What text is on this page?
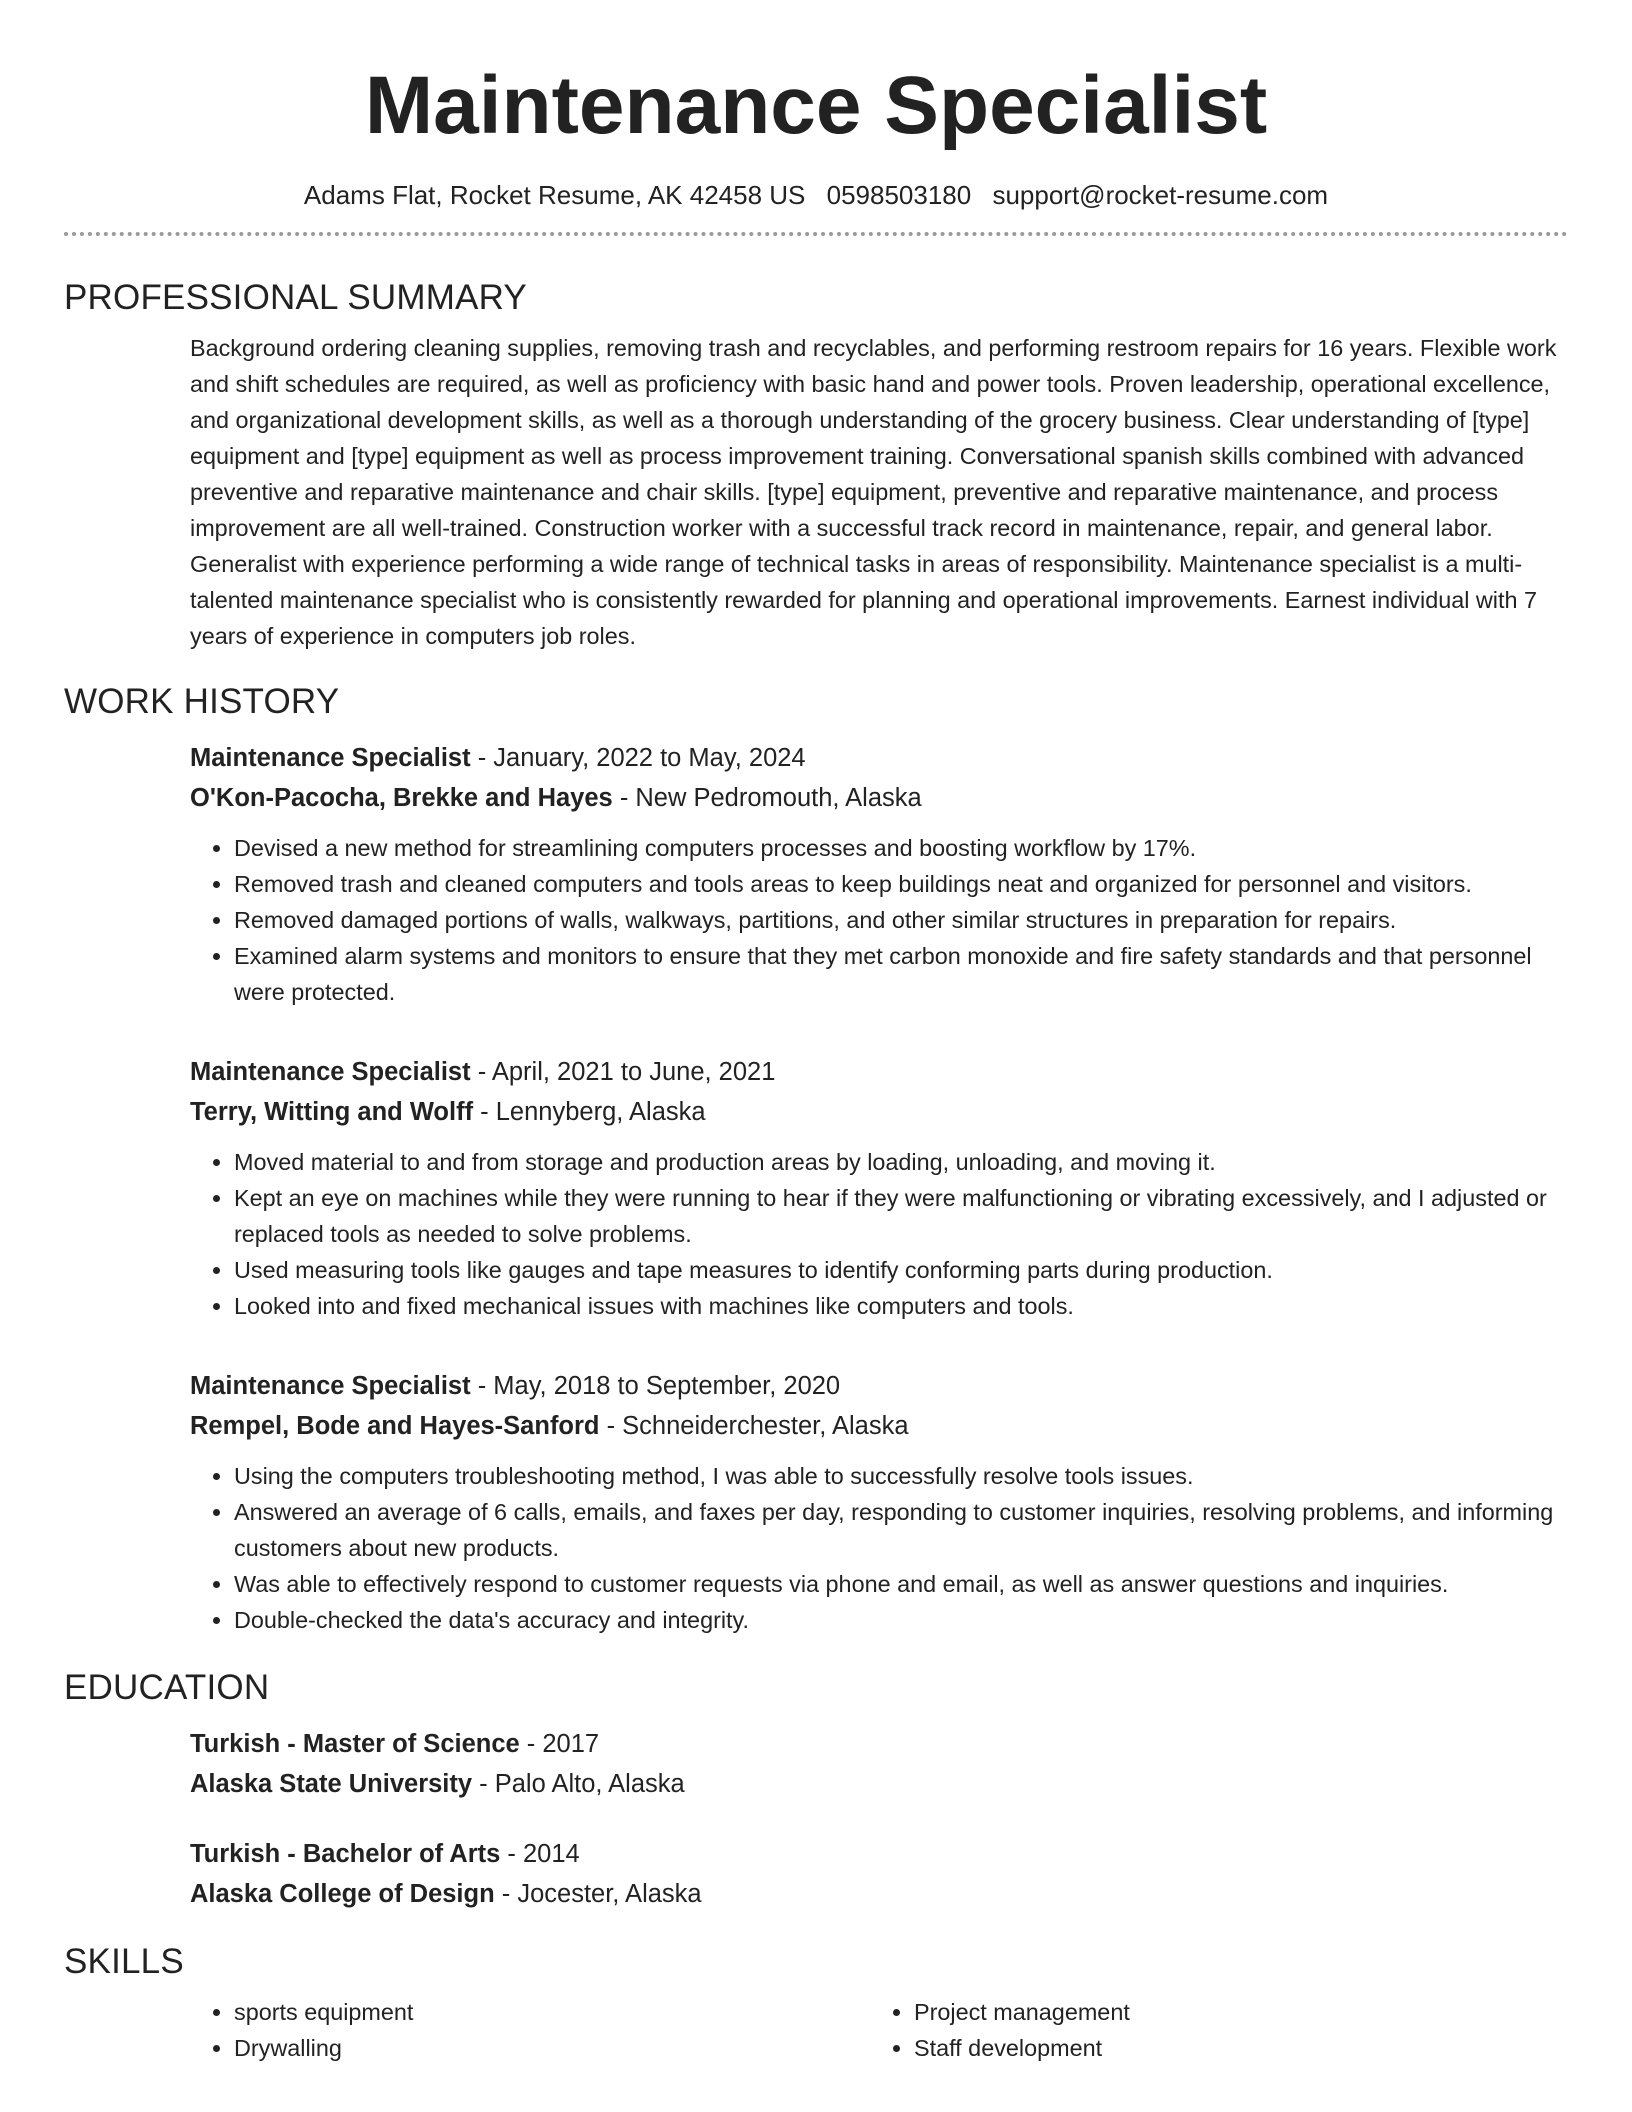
Maintenance Specialist
Adams Flat, Rocket Resume, AK 42458 US 0598503180 support@rocket-resume.com
PROFESSIONAL SUMMARY

Background ordering cleaning supplies, removing trash and recyclables, and performing restroom repairs for 16 years. Flexible work and shift schedules are required, as well as proficiency with basic hand and power tools. Proven leadership, operational excellence, and organizational development skills, as well as a thorough understanding of the grocery business. Clear understanding of [type] equipment and [type] equipment as well as process improvement training. Conversational spanish skills combined with advanced preventive and reparative maintenance and chair skills. [type] equipment, preventive and reparative maintenance, and process improvement are all well-trained. Construction worker with a successful track record in maintenance, repair, and general labor. Generalist with experience performing a wide range of technical tasks in areas of responsibility. Maintenance specialist is a multi-talented maintenance specialist who is consistently rewarded for planning and operational improvements. Earnest individual with 7 years of experience in computers job roles.

WORK HISTORY
Maintenance Specialist - January, 2022 to May, 2024
O'Kon-Pacocha, Brekke and Hayes - New Pedromouth, Alaska
• Devised a new method for streamlining computers processes and boosting workflow by 17%.
• Removed trash and cleaned computers and tools areas to keep buildings neat and organized for personnel and visitors.
• Removed damaged portions of walls, walkways, partitions, and other similar structures in preparation for repairs.
• Examined alarm systems and monitors to ensure that they met carbon monoxide and fire safety standards and that personnel were protected.
Maintenance Specialist - April, 2021 to June, 2021
Terry, Witting and Wolff - Lennyberg, Alaska
• Moved material to and from storage and production areas by loading, unloading, and moving it.
• Kept an eye on machines while they were running to hear if they were malfunctioning or vibrating excessively, and I adjusted or replaced tools as needed to solve problems.
• Used measuring tools like gauges and tape measures to identify conforming parts during production.
• Looked into and fixed mechanical issues with machines like computers and tools.
Maintenance Specialist - May, 2018 to September, 2020
Rempel, Bode and Hayes-Sanford - Schneiderchester, Alaska
• Using the computers troubleshooting method, I was able to successfully resolve tools issues.
• Answered an average of 6 calls, emails, and faxes per day, responding to customer inquiries, resolving problems, and informing customers about new products.
• Was able to effectively respond to customer requests via phone and email, as well as answer questions and inquiries.
• Double-checked the data's accuracy and integrity.
EDUCATION
Turkish - Master of Science - 2017
Alaska State University - Palo Alto, Alaska
Turkish - Bachelor of Arts - 2014
Alaska College of Design - Jocester, Alaska
SKILLS
• sports equipment
• Drywalling
• Project management
• Staff development
